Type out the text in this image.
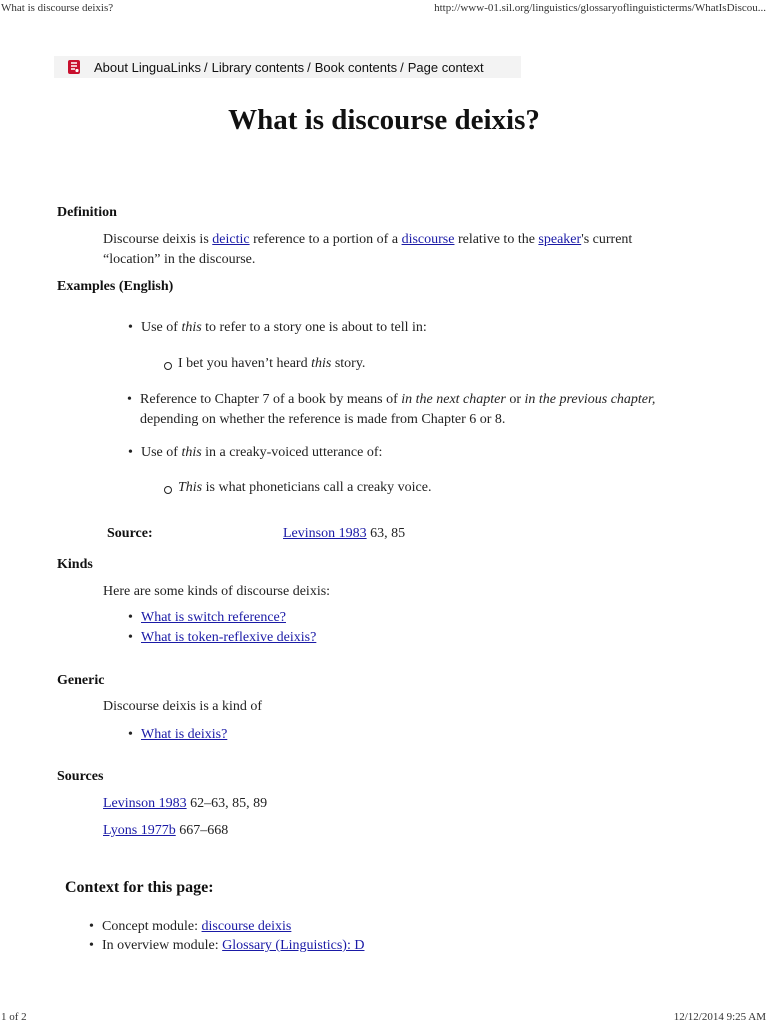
What is discourse deixis?	http://www-01.sil.org/linguistics/glossaryoflinguisticterms/WhatIsDiscou...
About LinguaLinks / Library contents / Book contents / Page context
What is discourse deixis?
Definition
Discourse deixis is deictic reference to a portion of a discourse relative to the speaker's current
“location” in the discourse.
Examples (English)
• Use of this to refer to a story one is about to tell in:
I bet you haven’t heard this story.
• Reference to Chapter 7 of a book by means of in the next chapter or in the previous chapter,
depending on whether the reference is made from Chapter 6 or 8.
• Use of this in a creaky-voiced utterance of:
This is what phoneticians call a creaky voice.
Source:	Levinson 1983 63, 85
Kinds
Here are some kinds of discourse deixis:
• What is switch reference?
• What is token-reflexive deixis?
Generic
Discourse deixis is a kind of
• What is deixis?
Sources
Levinson 1983 62–63, 85, 89
Lyons 1977b 667–668
Context for this page:
• Concept module: discourse deixis
• In overview module: Glossary (Linguistics): D
1 of 2	12/12/2014 9:25 AM
